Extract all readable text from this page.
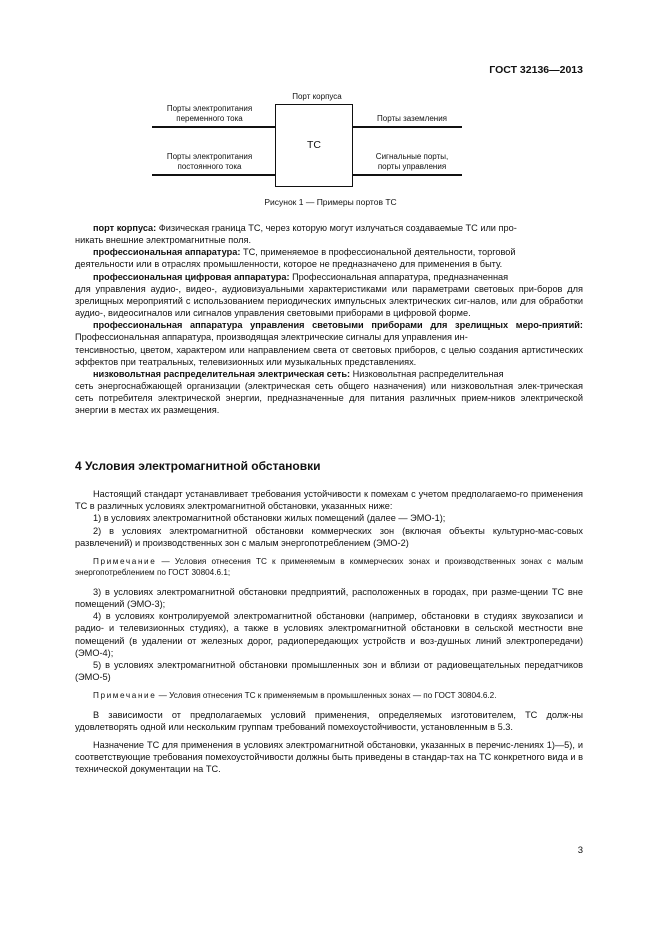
ГОСТ 32136—2013
Порт корпуса
Порты электропитания
переменного тока
Порты электропитания
постоянного тока
ТС
Порты заземления
Сигнальные порты,
порты управления
Рисунок 1 — Примеры портов ТС

порт корпуса: Физическая граница ТС, через которую могут излучаться создаваемые ТС или про-
никать внешние электромагнитные поля.

профессиональная аппаратура: ТС, применяемое в профессиональной деятельности, торговой
деятельности или в отраслях промышленности, которое не предназначено для применения в быту.

профессиональная цифровая аппаратура: Профессиональная аппаратура, предназначенная
для управления аудио-, видео-, аудиовизуальными характеристиками или параметрами световых при-боров для зрелищных мероприятий с использованием периодических импульсных электрических сиг-налов, или для обработки аудио-, видеосигналов или сигналов управления световыми приборами в цифровой форме.

профессиональная аппаратура управления световыми приборами для зрелищных меро-приятий: Профессиональная аппаратура, производящая электрические сигналы для управления ин-
тенсивностью, цветом, характером или направлением света от световых приборов, с целью создания артистических эффектов при театральных, телевизионных или музыкальных представлениях.

низковольтная распределительная электрическая сеть: Низковольтная распределительная
сеть энергоснабжающей организации (электрическая сеть общего назначения) или низковольтная элек-трическая сеть потребителя электрической энергии, предназначенные для питания различных прием-ников электрической энергии в местах их размещения.

4 Условия электромагнитной обстановки

Настоящий стандарт устанавливает требования устойчивости к помехам с учетом предполагаемо-го применения ТС в различных условиях электромагнитной обстановки, указанных ниже:

1) в условиях электромагнитной обстановки жилых помещений (далее — ЭМО-1);

2) в условиях электромагнитной обстановки коммерческих зон (включая объекты культурно-мас-совых развлечений) и производственных зон с малым энергопотреблением (ЭМО-2)

Примечание — Условия отнесения ТС к применяемым в коммерческих зонах и производственных зонах с малым энергопотреблением по ГОСТ 30804.6.1;

3) в условиях электромагнитной обстановки предприятий, расположенных в городах, при разме-щении ТС вне помещений (ЭМО-3);

4) в условиях контролируемой электромагнитной обстановки (например, обстановки в студиях звукозаписи и радио- и телевизионных студиях), а также в условиях электромагнитной обстановки в сельской местности вне помещений (в удалении от железных дорог, радиопередающих устройств и воз-душных линий электропередачи) (ЭМО-4);

5) в условиях электромагнитной обстановки промышленных зон и вблизи от радиовещательных передатчиков (ЭМО-5)

Примечание — Условия отнесения ТС к применяемым в промышленных зонах — по ГОСТ 30804.6.2.

В зависимости от предполагаемых условий применения, определяемых изготовителем, ТС долж-ны удовлетворять одной или нескольким группам требований помехоустойчивости, установленным в 5.3.

Назначение ТС для применения в условиях электромагнитной обстановки, указанных в перечис-лениях 1)—5), и соответствующие требования помехоустойчивости должны быть приведены в стандар-тах на ТС конкретного вида и в технической документации на ТС.

3
